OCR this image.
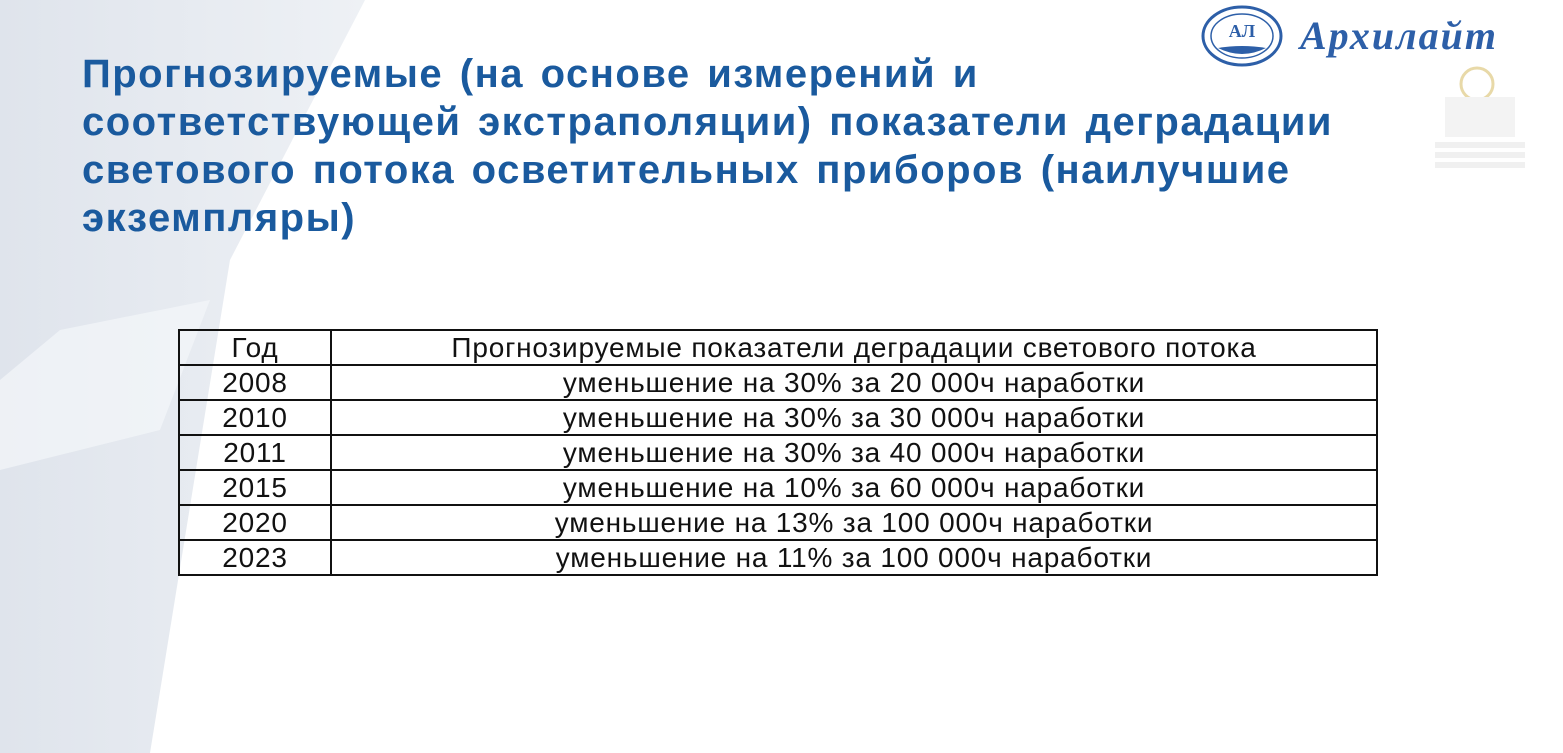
Прогнозируемые (на основе измерений и соответствующей экстраполяции) показатели деградации светового потока осветительных приборов (наилучшие экземпляры)
АЛ Архилайт
Год	Прогнозируемые показатели деградации светового потока
2008	уменьшение на 30% за 20 000ч наработки
2010	уменьшение на 30% за 30 000ч наработки
2011	уменьшение на 30% за 40 000ч наработки
2015	уменьшение на 10% за 60 000ч наработки
2020	уменьшение на 13% за 100 000ч наработки
2023	уменьшение на 11% за 100 000ч наработки
